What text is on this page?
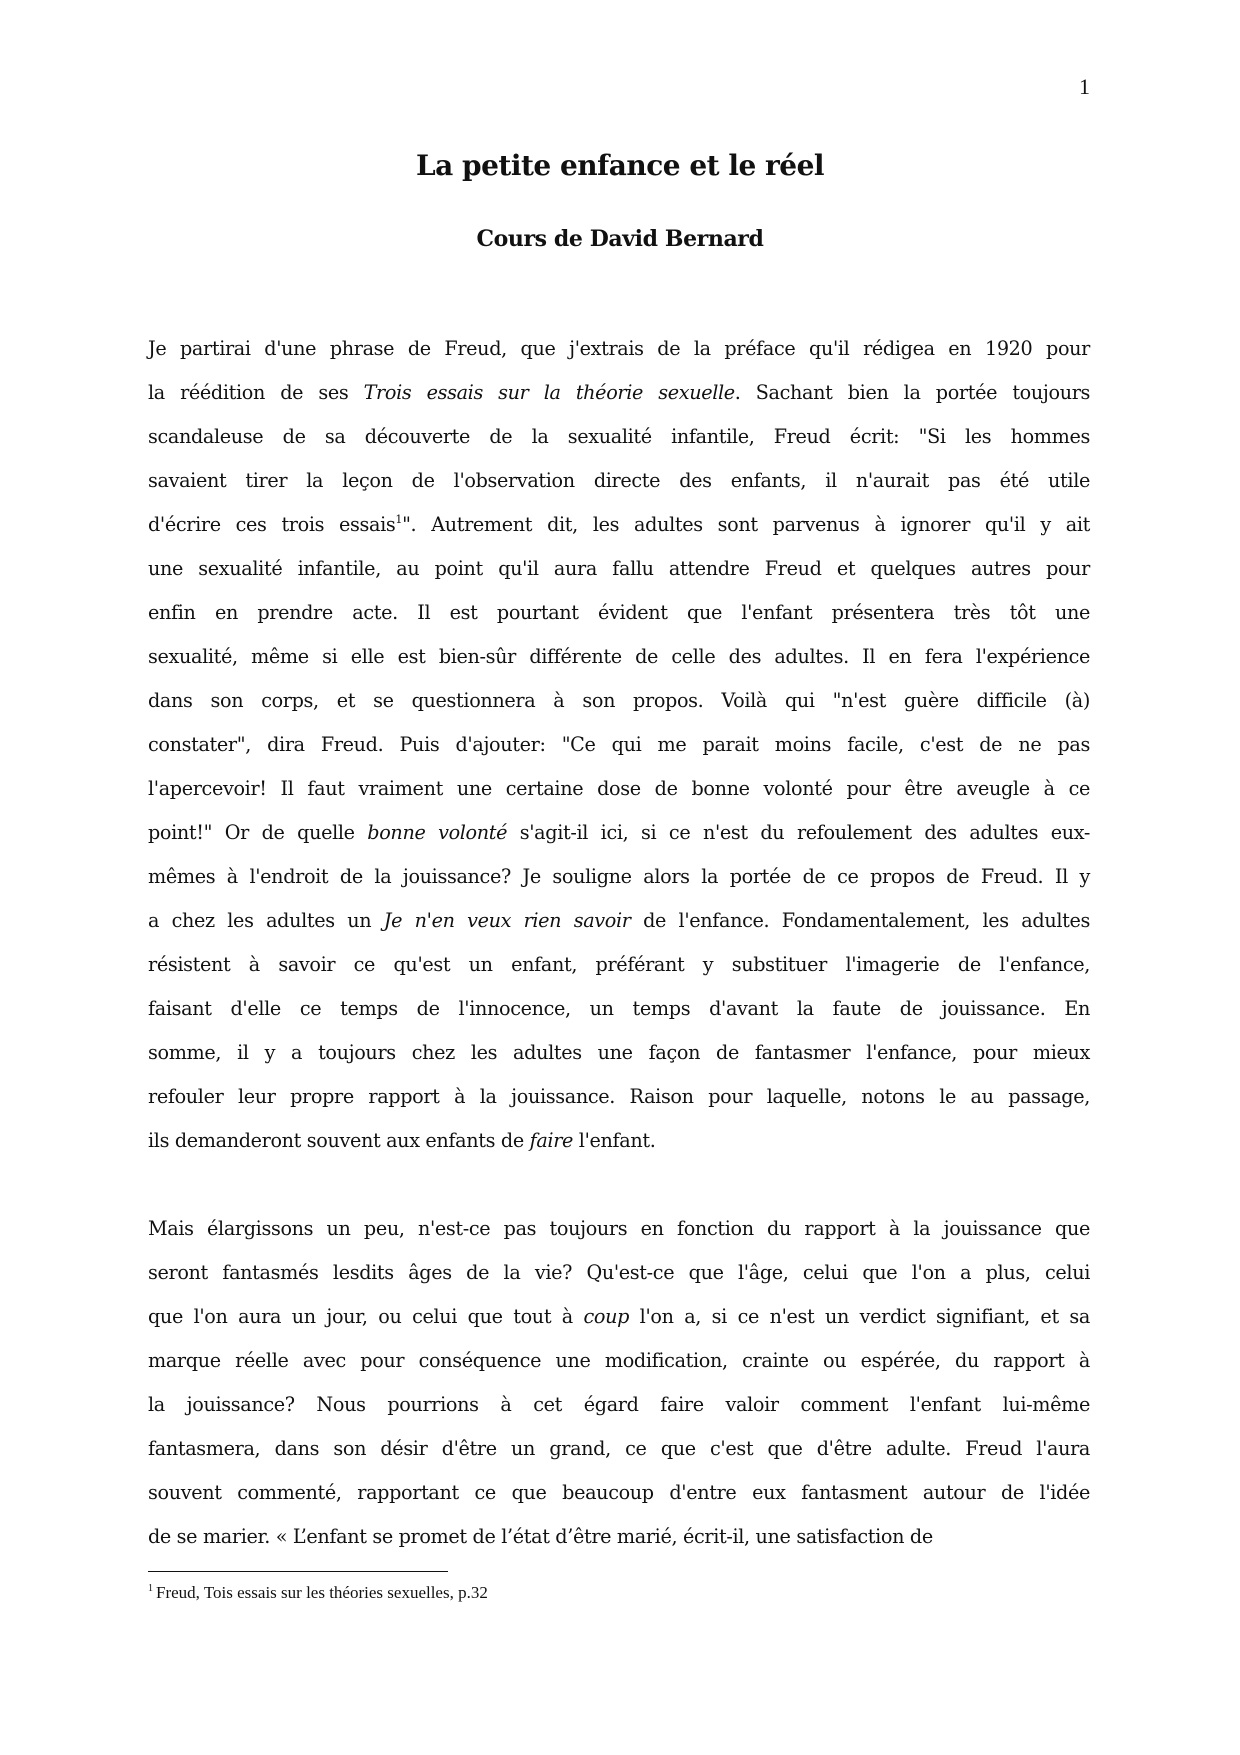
1
La petite enfance et le réel
Cours de David Bernard
Je partirai d'une phrase de Freud, que j'extrais de la préface qu'il rédigea en 1920 pour
la réédition de ses Trois essais sur la théorie sexuelle. Sachant bien la portée toujours
scandaleuse de sa découverte de la sexualité infantile, Freud écrit: "Si les hommes
savaient tirer la leçon de l'observation directe des enfants, il n'aurait pas été utile
d'écrire ces trois essais$^1$". Autrement dit, les adultes sont parvenus à ignorer qu'il y ait
une sexualité infantile, au point qu'il aura fallu attendre Freud et quelques autres pour
enfin en prendre acte. Il est pourtant évident que l'enfant présentera très tôt une
sexualité, même si elle est bien-sûr différente de celle des adultes. Il en fera l'expérience
dans son corps, et se questionnera à son propos. Voilà qui "n'est guère difficile (à)
constater", dira Freud. Puis d'ajouter: "Ce qui me parait moins facile, c'est de ne pas
l'apercevoir! Il faut vraiment une certaine dose de bonne volonté pour être aveugle à ce
point!" Or de quelle bonne volonté s'agit-il ici, si ce n'est du refoulement des adultes eux-
mêmes à l'endroit de la jouissance? Je souligne alors la portée de ce propos de Freud. Il y
a chez les adultes un Je n'en veux rien savoir de l'enfance. Fondamentalement, les adultes
résistent à savoir ce qu'est un enfant, préférant y substituer l'imagerie de l'enfance,
faisant d'elle ce temps de l'innocence, un temps d'avant la faute de jouissance. En
somme, il y a toujours chez les adultes une façon de fantasmer l'enfance, pour mieux
refouler leur propre rapport à la jouissance. Raison pour laquelle, notons le au passage,
ils demanderont souvent aux enfants de faire l'enfant.
Mais élargissons un peu, n'est-ce pas toujours en fonction du rapport à la jouissance que
seront fantasmés lesdits âges de la vie? Qu'est-ce que l'âge, celui que l'on a plus, celui
que l'on aura un jour, ou celui que tout à coup l'on a, si ce n'est un verdict signifiant, et sa
marque réelle avec pour conséquence une modification, crainte ou espérée, du rapport à
la jouissance? Nous pourrions à cet égard faire valoir comment l'enfant lui-même
fantasmera, dans son désir d'être un grand, ce que c'est que d'être adulte. Freud l'aura
souvent commenté, rapportant ce que beaucoup d'entre eux fantasment autour de l'idée
de se marier. « L’enfant se promet de l’état d’être marié, écrit-il, une satisfaction de
$^1$ Freud, Tois essais sur les théories sexuelles, p.32
